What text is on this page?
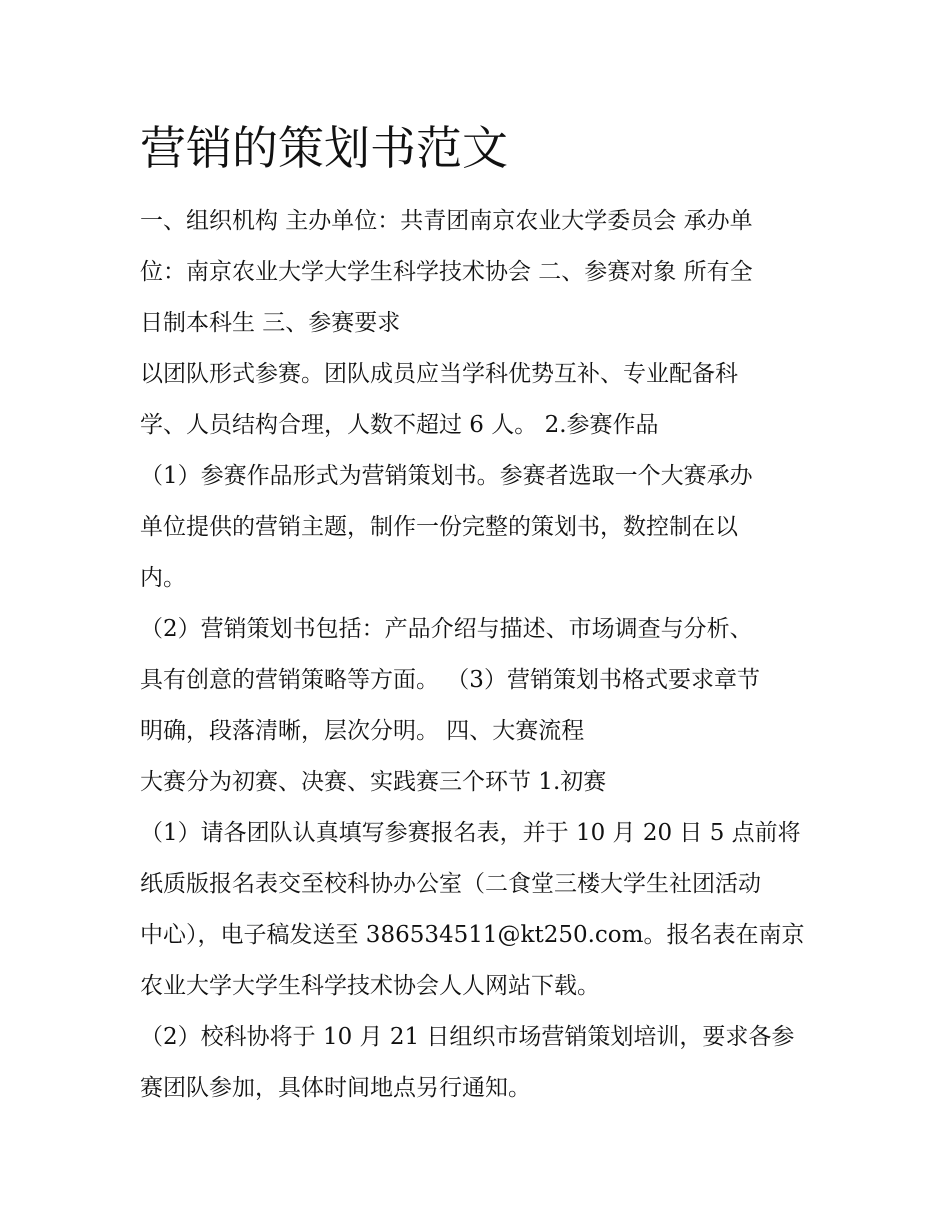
营销的策划书范文

一、组织机构 主办单位：共青团南京农业大学委员会 承办单

位：南京农业大学大学生科学技术协会 二、参赛对象 所有全

日制本科生 三、参赛要求

以团队形式参赛。团队成员应当学科优势互补、专业配备科

学、人员结构合理，人数不超过 6 人。 2.参赛作品

（1）参赛作品形式为营销策划书。参赛者选取一个大赛承办

单位提供的营销主题，制作一份完整的策划书，数控制在以

内。

（2）营销策划书包括：产品介绍与描述、市场调查与分析、

具有创意的营销策略等方面。 （3）营销策划书格式要求章节

明确，段落清晰，层次分明。 四、大赛流程

大赛分为初赛、决赛、实践赛三个环节 1.初赛

（1）请各团队认真填写参赛报名表，并于 10 月 20 日 5 点前将

纸质版报名表交至校科协办公室（二食堂三楼大学生社团活动

中心），电子稿发送至 386534511@kt250.com。报名表在南京

农业大学大学生科学技术协会人人网站下载。

（2）校科协将于 10 月 21 日组织市场营销策划培训，要求各参

赛团队参加，具体时间地点另行通知。
